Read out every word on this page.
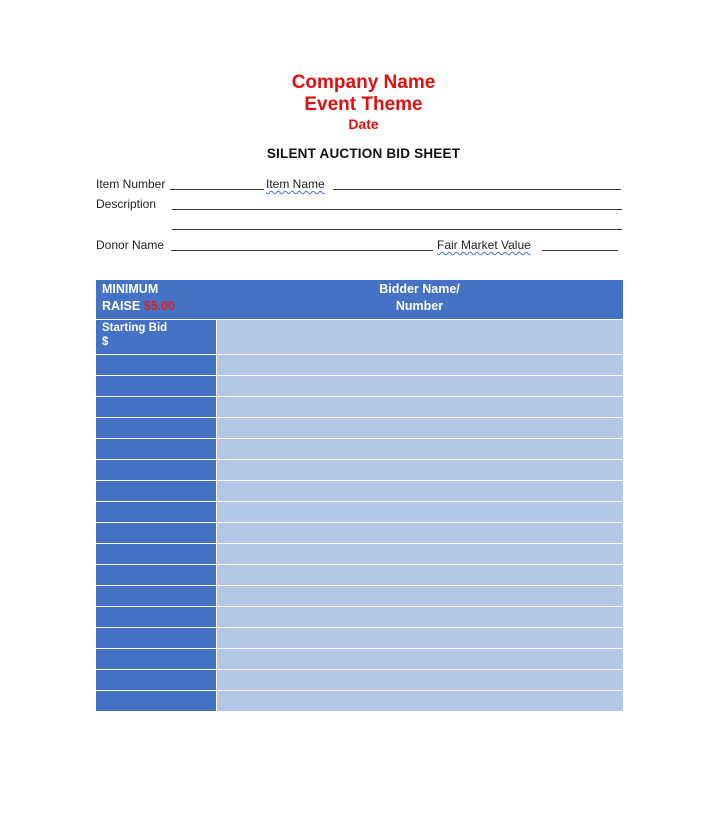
Company Name
Event Theme
Date
SILENT AUCTION BID SHEET
Item Number	Item Name
Description
Donor Name	Fair Market Value
MINIMUM
RAISE $5.00
Bidder Name/
Number
Starting Bid
$
